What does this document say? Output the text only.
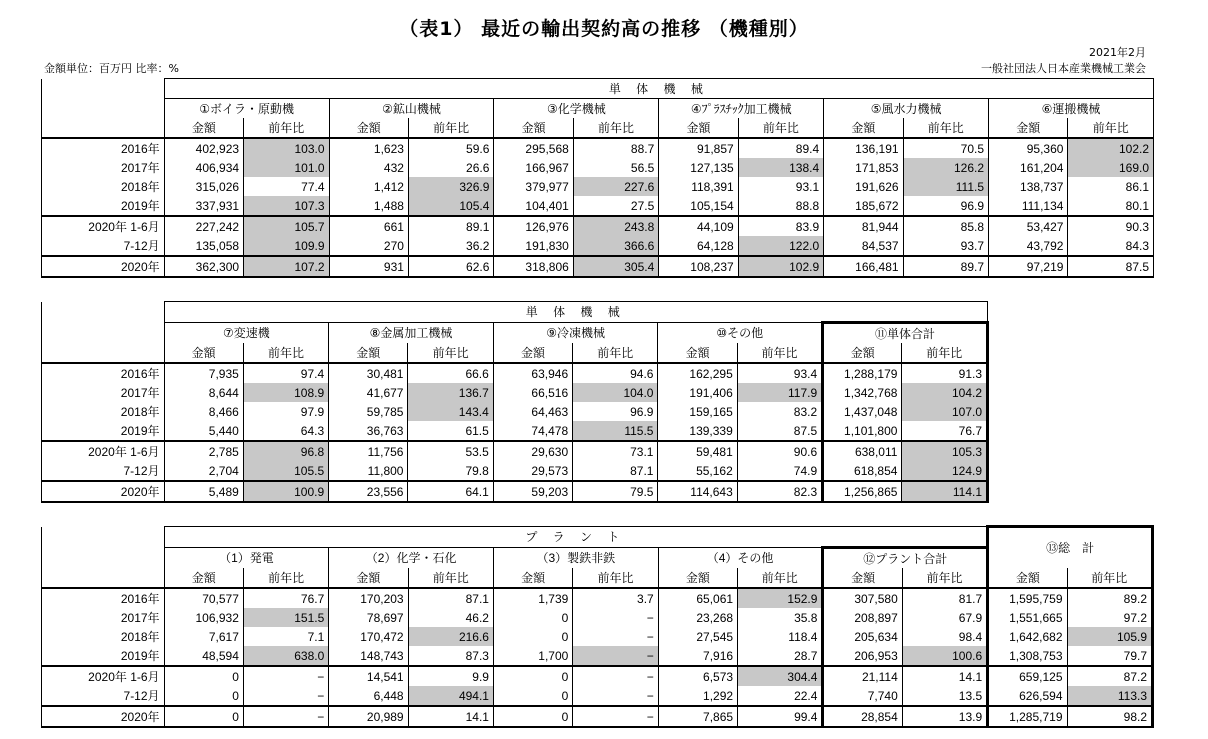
（表1） 最近の輸出契約高の推移 （機種別）
2021年2月
金額単位：百万円 比率：%	一般社団法人日本産業機械工業会
	単 体 機 械											
	①ボイラ・原動機		②鉱山機械		③化学機械		④ﾌﾟﾗｽﾁｯｸ加工機械		⑤風水力機械		⑥運搬機械	
	金額	前年比	金額	前年比	金額	前年比	金額	前年比	金額	前年比	金額	前年比
2016年	402,923	103.0	1,623	59.6	295,568	88.7	91,857	89.4	136,191	70.5	95,360	102.2
2017年	406,934	101.0	432	26.6	166,967	56.5	127,135	138.4	171,853	126.2	161,204	169.0
2018年	315,026	77.4	1,412	326.9	379,977	227.6	118,391	93.1	191,626	111.5	138,737	86.1
2019年	337,931	107.3	1,488	105.4	104,401	27.5	105,154	88.8	185,672	96.9	111,134	80.1
2020年 1-6月	227,242	105.7	661	89.1	126,976	243.8	44,109	83.9	81,944	85.8	53,427	90.3
7-12月	135,058	109.9	270	36.2	191,830	366.6	64,128	122.0	84,537	93.7	43,792	84.3
2020年	362,300	107.2	931	62.6	318,806	305.4	108,237	102.9	166,481	89.7	97,219	87.5
	単 体 機 械									
	⑦変速機		⑧金属加工機械		⑨冷凍機械		⑩その他		⑪単体合計	
	金額	前年比	金額	前年比	金額	前年比	金額	前年比	金額	前年比
2016年	7,935	97.4	30,481	66.6	63,946	94.6	162,295	93.4	1,288,179	91.3
2017年	8,644	108.9	41,677	136.7	66,516	104.0	191,406	117.9	1,342,768	104.2
2018年	8,466	97.9	59,785	143.4	64,463	96.9	159,165	83.2	1,437,048	107.0
2019年	5,440	64.3	36,763	61.5	74,478	115.5	139,339	87.5	1,101,800	76.7
2020年 1-6月	2,785	96.8	11,756	53.5	29,630	73.1	59,481	90.6	638,011	105.3
7-12月	2,704	105.5	11,800	79.8	29,573	87.1	55,162	74.9	618,854	124.9
2020年	5,489	100.9	23,556	64.1	59,203	79.5	114,643	82.3	1,256,865	114.1
	プ ラ ン ト										⑬総　計	
	（1）発電		（2）化学・石化		（3）製鉄非鉄		（4）その他		⑫プラント合計			
	金額	前年比	金額	前年比	金額	前年比	金額	前年比	金額	前年比	金額	前年比
2016年	70,577	76.7	170,203	87.1	1,739	3.7	65,061	152.9	307,580	81.7	1,595,759	89.2
2017年	106,932	151.5	78,697	46.2	0	−	23,268	35.8	208,897	67.9	1,551,665	97.2
2018年	7,617	7.1	170,472	216.6	0	−	27,545	118.4	205,634	98.4	1,642,682	105.9
2019年	48,594	638.0	148,743	87.3	1,700	−	7,916	28.7	206,953	100.6	1,308,753	79.7
2020年 1-6月	0	−	14,541	9.9	0	−	6,573	304.4	21,114	14.1	659,125	87.2
7-12月	0	−	6,448	494.1	0	−	1,292	22.4	7,740	13.5	626,594	113.3
2020年	0	−	20,989	14.1	0	−	7,865	99.4	28,854	13.9	1,285,719	98.2
